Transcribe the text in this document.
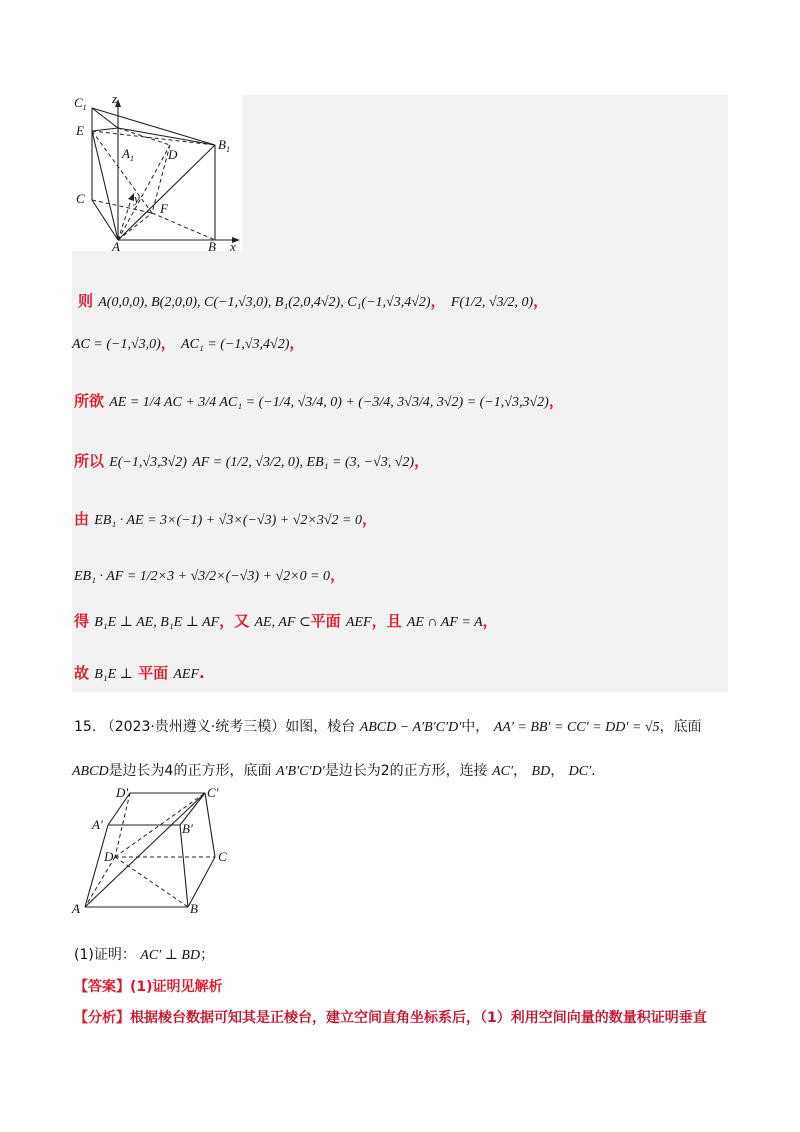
$C_1$
z
E
$A_1$	D
$B_1$
C	y
F
A	B x
则 A(0,0,0), B(2,0,0), C(−1,√3,0), B₁(2,0,4√2), C₁(−1,√3,4√2)， F(1/2, √3/2, 0)，
AC = (−1,√3,0)， AC₁ = (−1,√3,4√2)，
所欲 AE = 1/4 AC + 3/4 AC₁ = (−1/4, √3/4, 0) + (−3/4, 3√3/4, 3√2) = (−1,√3,3√2)，
所以 E(−1,√3,3√2) AF = (1/2, √3/2, 0), EB₁ = (3, −√3, √2)，
由 EB₁ · AE = 3×(−1) + √3×(−√3) + √2×3√2 = 0，
EB₁ · AF = 1/2×3 + √3/2×(−√3) + √2×0 = 0，
得 B₁E ⊥ AE, B₁E ⊥ AF，又 AE, AF ⊂平面 AEF，且 AE ∩ AF = A，
故 B₁E ⊥ 平面 AEF.
15. （2023·贵州遵义·统考三模）如图，棱台 ABCD − A′B′C′D′中， AA′ = BB′ = CC′ = DD′ = √5，底面
ABCD是边长为4的正方形，底面 A′B′C′D′是边长为2的正方形，连接 AC′， BD， DC′.
D′	C′
A′	B′
D	C
A	B
(1)证明： AC′ ⊥ BD；
【答案】(1)证明见解析
【分析】根据棱台数据可知其是正棱台，建立空间直角坐标系后，（1）利用空间向量的数量积证明垂直
